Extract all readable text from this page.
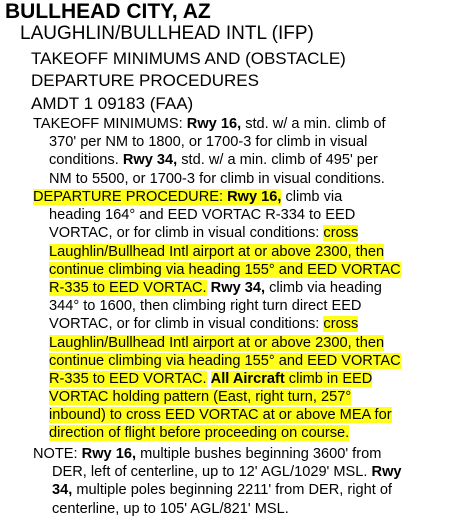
BULLHEAD CITY, AZ
LAUGHLIN/BULLHEAD INTL (IFP)
TAKEOFF MINIMUMS AND (OBSTACLE)
DEPARTURE PROCEDURES
AMDT 1 09183 (FAA)
TAKEOFF MINIMUMS: Rwy 16, std. w/ a min. climb of
370' per NM to 1800, or 1700-3 for climb in visual
conditions. Rwy 34, std. w/ a min. climb of 495' per
NM to 5500, or 1700-3 for climb in visual conditions.
DEPARTURE PROCEDURE: Rwy 16, climb via
heading 164° and EED VORTAC R-334 to EED
VORTAC, or for climb in visual conditions: cross
Laughlin/Bullhead Intl airport at or above 2300, then
continue climbing via heading 155° and EED VORTAC
R-335 to EED VORTAC. Rwy 34, climb via heading
344° to 1600, then climbing right turn direct EED
VORTAC, or for climb in visual conditions: cross
Laughlin/Bullhead Intl airport at or above 2300, then
continue climbing via heading 155° and EED VORTAC
R-335 to EED VORTAC. All Aircraft climb in EED
VORTAC holding pattern (East, right turn, 257°
inbound) to cross EED VORTAC at or above MEA for
direction of flight before proceeding on course.
NOTE: Rwy 16, multiple bushes beginning 3600' from
DER, left of centerline, up to 12' AGL/1029' MSL. Rwy
34, multiple poles beginning 2211' from DER, right of
centerline, up to 105' AGL/821' MSL.
